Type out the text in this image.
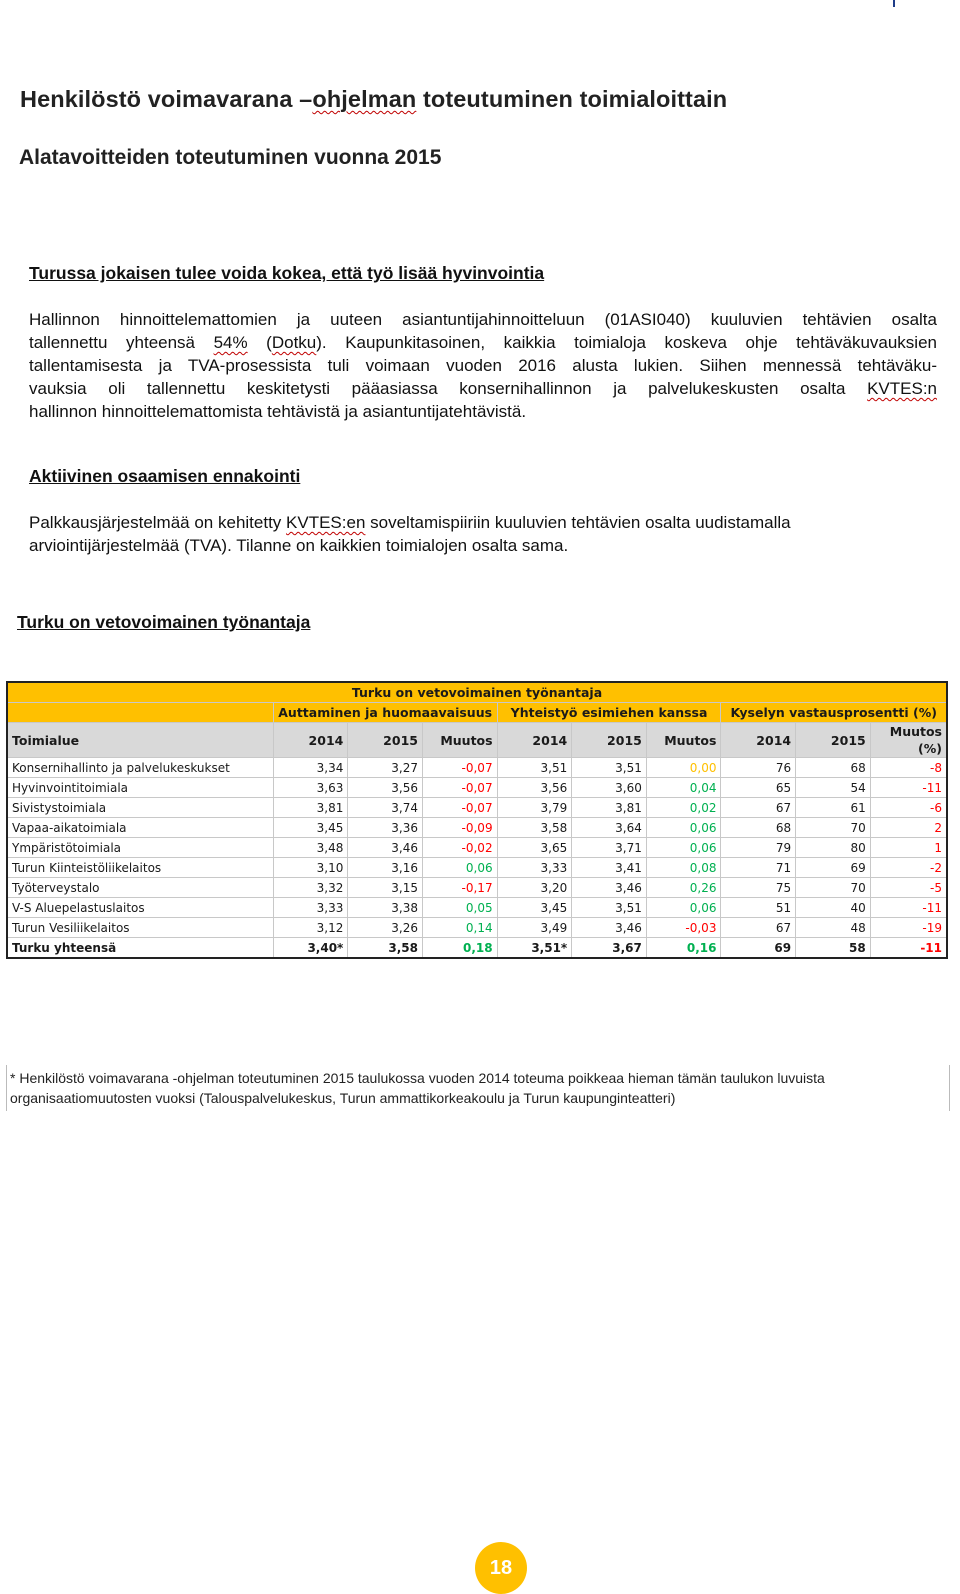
Henkilöstö voimavarana –ohjelman toteutuminen toimialoittain
Alatavoitteiden toteutuminen vuonna 2015
Turussa jokaisen tulee voida kokea, että työ lisää hyvinvointia
Hallinnon hinnoittelemattomien ja uuteen asiantuntijahinnoitteluun (01ASI040) kuuluvien tehtävien osalta
tallennettu yhteensä 54% (Dotku). Kaupunkitasoinen, kaikkia toimialoja koskeva ohje tehtäväkuvauksien
tallentamisesta ja TVA-prosessista tuli voimaan vuoden 2016 alusta lukien. Siihen mennessä tehtäväku-
vauksia oli tallennettu keskitetysti pääasiassa konsernihallinnon ja palvelukeskusten osalta KVTES:n
hallinnon hinnoittelemattomista tehtävistä ja asiantuntijatehtävistä.
Aktiivinen osaamisen ennakointi
Palkkausjärjestelmää on kehitetty KVTES:en soveltamispiiriin kuuluvien tehtävien osalta uudistamalla
arviointijärjestelmää (TVA). Tilanne on kaikkien toimialojen osalta sama.
Turku on vetovoimainen työnantaja
Turku on vetovoimainen työnantaja									
	Auttaminen ja huomaavaisuus			Yhteistyö esimiehen kanssa			Kyselyn vastausprosentti (%)		
Toimialue	2014	2015	Muutos	2014	2015	Muutos	2014	2015	Muutos (%)
Konsernihallinto ja palvelukeskukset	3,34	3,27	-0,07	3,51	3,51	0,00	76	68	-8
Hyvinvointitoimiala	3,63	3,56	-0,07	3,56	3,60	0,04	65	54	-11
Sivistystoimiala	3,81	3,74	-0,07	3,79	3,81	0,02	67	61	-6
Vapaa-aikatoimiala	3,45	3,36	-0,09	3,58	3,64	0,06	68	70	2
Ympäristötoimiala	3,48	3,46	-0,02	3,65	3,71	0,06	79	80	1
Turun Kiinteistöliikelaitos	3,10	3,16	0,06	3,33	3,41	0,08	71	69	-2
Työterveystalo	3,32	3,15	-0,17	3,20	3,46	0,26	75	70	-5
V-S Aluepelastuslaitos	3,33	3,38	0,05	3,45	3,51	0,06	51	40	-11
Turun Vesiliikelaitos	3,12	3,26	0,14	3,49	3,46	-0,03	67	48	-19
Turku yhteensä	3,40*	3,58	0,18	3,51*	3,67	0,16	69	58	-11
* Henkilöstö voimavarana -ohjelman toteutuminen 2015 taulukossa vuoden 2014 toteuma poikkeaa hieman tämän taulukon luvuista
organisaatiomuutosten vuoksi (Talouspalvelukeskus, Turun ammattikorkeakoulu ja Turun kaupunginteatteri)
18
